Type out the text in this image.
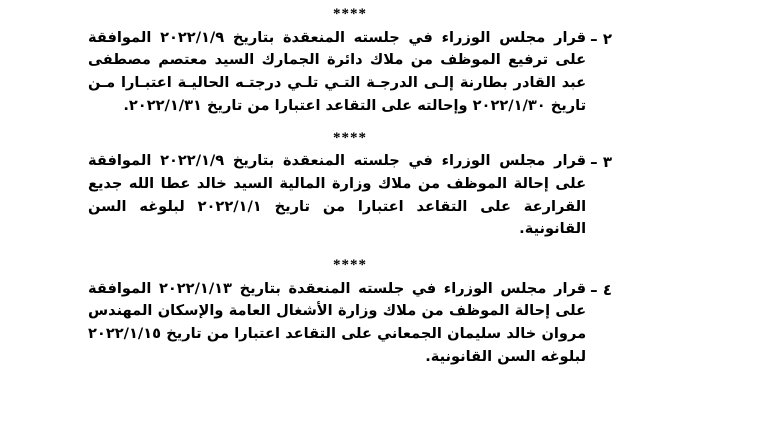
****
٢ –
قرار مجلس الوزراء في جلسته المنعقدة بتاريخ ٢٠٢٢/١/٩ الموافقة على ترفيع الموظف من ملاك دائرة الجمارك السيد معتصم مصطفى عبد القادر بطارنة إلـى الدرجـة التـي تلـي درجتـه الحاليـة اعتبـارا مـن تاريخ ٢٠٢٢/١/٣٠ وإحالته على التقاعد اعتبارا من تاريخ ٢٠٢٢/١/٣١.
****
٣ –
قرار مجلس الوزراء في جلسته المنعقدة بتاريخ ٢٠٢٢/١/٩ الموافقة على إحالة الموظف من ملاك وزارة المالية السيد خالد عطا الله جديع القرارعة على التقاعد اعتبارا من تاريخ ٢٠٢٢/١/١ لبلوغه السن القانونية.
****
٤ –
قرار مجلس الوزراء في جلسته المنعقدة بتاريخ ٢٠٢٢/١/١٣ الموافقة على إحالة الموظف من ملاك وزارة الأشغال العامة والإسكان المهندس مروان خالد سليمان الجمعاني على التقاعد اعتبارا من تاريخ ٢٠٢٢/١/١٥ لبلوغه السن القانونية.
